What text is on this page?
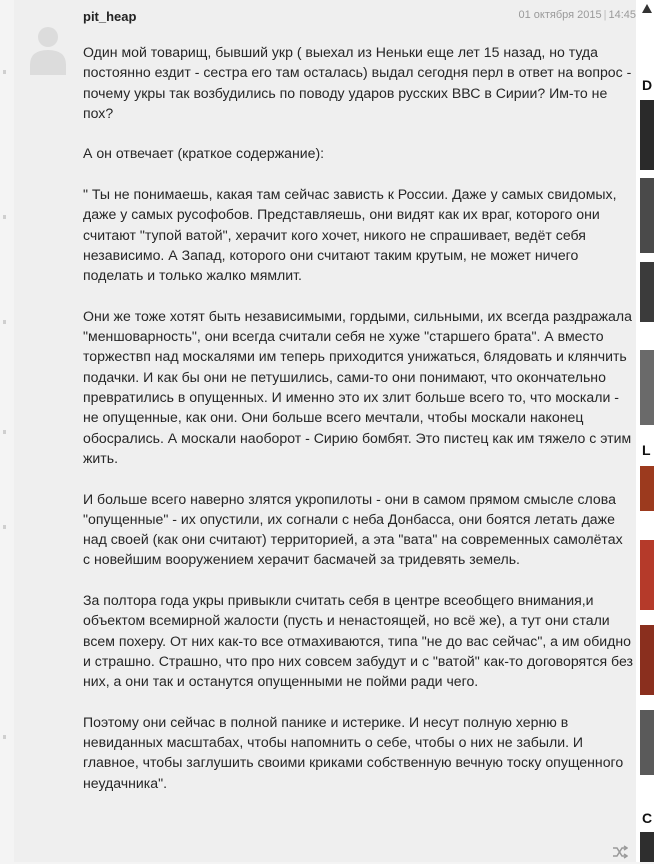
pit_heap	01 октября 2015 | 14:45

Один мой товарищ, бывший укр ( выехал из Неньки еще лет 15 назад, но туда постоянно ездит - сестра его там осталась) выдал сегодня перл в ответ на вопрос - почему укры так возбудились по поводу ударов русских ВВС в Сирии? Им-то не пох?

А он отвечает (краткое содержание):

" Ты не понимаешь, какая там сейчас зависть к России. Даже у самых свидомых, даже у самых русофобов. Представляешь, они видят как их враг, которого они считают "тупой ватой", херачит кого хочет, никого не спрашивает, ведёт себя независимо. А Запад, которого они считают таким крутым, не может ничего поделать и только жалко мямлит.

Они же тоже хотят быть независимыми, гордыми, сильными, их всегда раздражала "меншоварность", они всегда считали себя не хуже "старшего брата". А вместо торжествп над москалями им теперь приходится унижаться, 6лядовать и клянчить подачки. И как бы они не петушились, сами-то они понимают, что окончательно превратились в опущенных. И именно это их злит больше всего то, что москали - не опущенные, как они. Они больше всего мечтали, чтобы москали наконец обосрались. А москали наоборот - Сирию бомбят. Это пистец как им тяжело с этим жить.

И больше всего наверно злятся укропилоты - они в самом прямом смысле слова "опущенные" - их опустили, их согнали с неба Донбасса, они боятся летать даже над своей (как они считают) территорией, а эта "вата" на современных самолётах с новейшим вооружением херачит басмачей за тридевять земель.

За полтора года укры привыкли считать себя в центре всеобщего внимания,и объектом всемирной жалости (пусть и ненастоящей, но всё же), а тут они стали всем похеру. От них как-то все отмахиваются, типа "не до вас сейчас", а им обидно и страшно. Страшно, что про них совсем забудут и с "ватой" как-то договорятся без них, а они так и останутся опущенными не пойми ради чего.

Поэтому они сейчас в полной панике и истерике. И несут полную херню в невиданных масштабах, чтобы напомнить о себе, чтобы о них не забыли. И главное, чтобы заглушить своими криками собственную вечную тоску опущенного неудачника".

D
L
C
